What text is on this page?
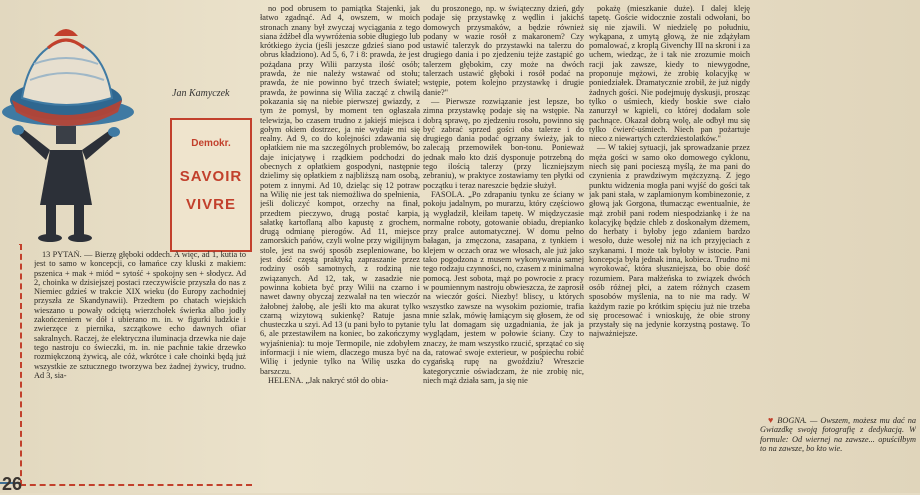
Jan Kamyczek
Demokr.
SAVOIR
VIVRE

13 PYTAŃ. — Bierzę głęboki oddech. A więc, ad 1, kutia to jest to samo w koncepcji, co łamańce czy kluski z makiem: pszenica + mak + miód = sytość + spokojny sen + słodycz. Ad 2, choinka w dzisiejszej postaci rzeczywiście przyszła do nas z Niemiec gdzieś w trakcie XIX wieku (do Europy zachodniej przyszła ze Skandynawii). Przedtem po chatach wiejskich wieszano u powały odciętą wierzchołek świerka albo jodły zakończeniem w dół i ubierano m. in. w figurki ludzkie i zwierzęce z piernika, szczątkowe echo dawnych ofiar sakralnych. Raczej, że elektryczna iluminacja drzewka nie daje tego nastroju co świeczki, m. in. nie pachnie takie drzewko rozmiękczoną żywicą, ale cóż, wkrótce i całe choinki będą już wszystkie ze sztucznego tworzywa bez żadnej żywicy, trudno. Ad 3, sia-

no pod obrusem to pamiątka Stajenki, jak łatwo zgadnąć. Ad 4, owszem, w moich stronach znany był zwyczaj wyciągania z tego siana źdźbeł dla wywróżenia sobie długiego lub krótkiego życia (jeśli jeszcze gdzieś siano pod obrus kładziono). Ad 5, 6, 7 i 8: prawda, że jest pożądana przy Wilii parzysta ilość osób; prawda, że nie należy wstawać od stołu; prawda, że nie powinno być trzech świateł; prawda, że powinna się Wilia zacząć z chwilą pokazania się na niebie pierwszej gwiazdy, z tym że pomysł, by moment ten ogłaszała telewizja, bo czasem trudno z jakiejś miejsca i gołym okiem dostrzec, ja nie wydaje mi się realny. Ad 9, co do kolejności zdawania się opłatkiem nie ma szczególnych problemów, bo daje inicjatywę i rządkiem podchodzi do obecnych z opłatkiem gospodyni, następnie dzielimy się opłatkiem z najbliższą nam osobą, potem z innymi. Ad 10, dzieląc się 12 potraw na Wilię nie jest tak niemożliwa do spełnienia, jeśli doliczyć kompot, orzechy na finał, przedtem pieczywo, drugą postać karpia, sałatkę kartoflaną albo kapustę z grochem, drugą odmianę pierogów. Ad 11, miejsce zamorskich pańów, czyli wolne przy wigilijnym stole, jest na swój sposób zsepleniowane, bo jest dość częstą praktyką zapraszanie przez rodziny osób samotnych, z rodziną nie związanych. Ad 12, tak, w zasadzie nie powinna kobieta być przy Wilii na czarno i nawet dawny obyczaj zezwalał na ten wieczór żałobnej żałobę, ale jeśli kto ma akurat tylko czarną wizytową sukienkę? Ratuje jasna chusteczka u szyi. Ad 13 (u pani było to pytanie 6, ale przestawiłem na koniec, bo zakończymy wyjaśnienia): tu moje Termopile, nie zdobyłem informacji i nie wiem, dlaczego musza być na Wilię i jedynie tylko na Wilię uszka do barszczu.

HELENA. „Jak nakryć stół do obia-

du proszonego, np. w świąteczny dzień, gdy podaje się przystawkę z wędlin i jakichś domowych przysmaków, a będzie również podany w wazie rosół z makaronem? Czy ustawić talerzyk do przystawki na talerzu do drugiego dania i po zjedzeniu tejże zastąpić go talerzem głębokim, czy może na dwóch talerzach ustawić głęboki i rosół podać na wstępie, potem kolejno przystawkę i drugie danie?"

— Pierwsze rozwiązanie jest lepsze, bo zimna przystawkę podaje się na wstępie. Na dobrą sprawę, po zjedzeniu rosołu, powinno się być zabrać sprzed gości oba talerze i do drugiego dania podać ogrzany świeży, jak to zalecają przemowiłek bon-tonu. Ponieważ jednak mało kto dziś dysponuje potrzebną do tego ilością talerzy (przy liczniejszym zebraniu), w praktyce zostawiamy ten płytki od początku i teraz nareszcie będzie służył.

FASOLA. „Po zdrapaniu tynku ze ściany w pokoju jadalnym, po murarzu, który częściowo ją wygładził, kleiłam tapetę. W międzyczasie normalne roboty, gotowanie obiadu, drepianko przy pralce automatycznej. W domu pełno bałagan, ja zmęczona, zasapana, z tynkiem i klejem w oczach oraz we włosach, ale już jako tako pogodzona z musem wykonywania samej tego rodzaju czynności, no, czasem z minimalna pomocą. Jest sobota, mąż po powrocie z pracy w poumiennym nastroju obwieszcza, że zaprosił na wieczór gości. Niezby! bliscy, u których wszystko zawsze na wysokim poziomie, trafia mnie szlak, mówię łamiącym się głosem, że od tylu lat domagam się uzgadniania, że jak ja wyglądam, jestem w połowie ściany. Czy to znaczy, że mam wszystko rzucić, sprzątać co się da, ratować swoje exterieur, w pośpiechu robić cygańską rupę na gwoździu? Wreszcie kategorycznie oświadczam, że nie zrobię nic, niech mąż działa sam, ja się nie

pokażę (mieszkanie duże). I dalej kleję tapetę. Goście widocznie zostali odwołani, bo się nie zjawili. W niedzielę po południu, wykąpana, z umytą głową, że nie zdążyłam pomalować, z kroplą Givenchy III na skroni i za uchem, wiedząc, że i tak nie zrozumie moich racji jak zawsze, kiedy to niewygodne, proponuje mężowi, że zrobię kolacyjkę w poniedziałek. Dramatycznie zrobił, że już nigdy żadnych gości. Nie podejmuję dyskusji, prosząc tylko o uśmiech, kiedy boskie swe ciało zanurzył w kąpieli, co której dodałam sole pachnące. Okazał dobrą wolę, ale odbył mu się tylko ćwierć-uśmiech. Niech pan pożartuje nieco z niewartych czterdziestolatków."

— W takiej sytuacji, jak sprowadzanie przez męża gości w samo oko domowego cyklonu, niech się pani pocieszą myślą, że ma pani do czynienia z prawdziwym mężczyzną. Z jego punktu widzenia mogła pani wyjść do gości tak jak pani stała, w zaplamionym kombinezonie, z głową jak Gorgona, tłumacząc ewentualnie, że mąż zrobił pani rodem niespodziankę i że na kolacyjkę będzie chleb z doskonałym dżemem, do herbaty i byłoby jego zdaniem bardzo wesoło, duże wesołej niż na ich przyjęciach z szykanami. I może tak byłoby w istocie. Pani koncepcja była jednak inna, kobieca. Trudno mi wyrokować, która słuszniejsza, bo obie dość rozumiem. Para małżeńska to związek dwóch osób różnej płci, a zatem różnych czasem sposobów myślenia, na to nie ma rady. W każdym razie po krótkim spięciu już nie trzeba się procesować i wnioskuję, że obie strony przystały się na jedynie korzystną postawę. To najważniejsze.

♥ BOGNA. — Owszem, możesz mu dać na Gwiazdkę swoją fotografię z dedykacją. W formule: Od wiernej na zawsze... opuściłbym to na zawsze, bo kto wie.

26
